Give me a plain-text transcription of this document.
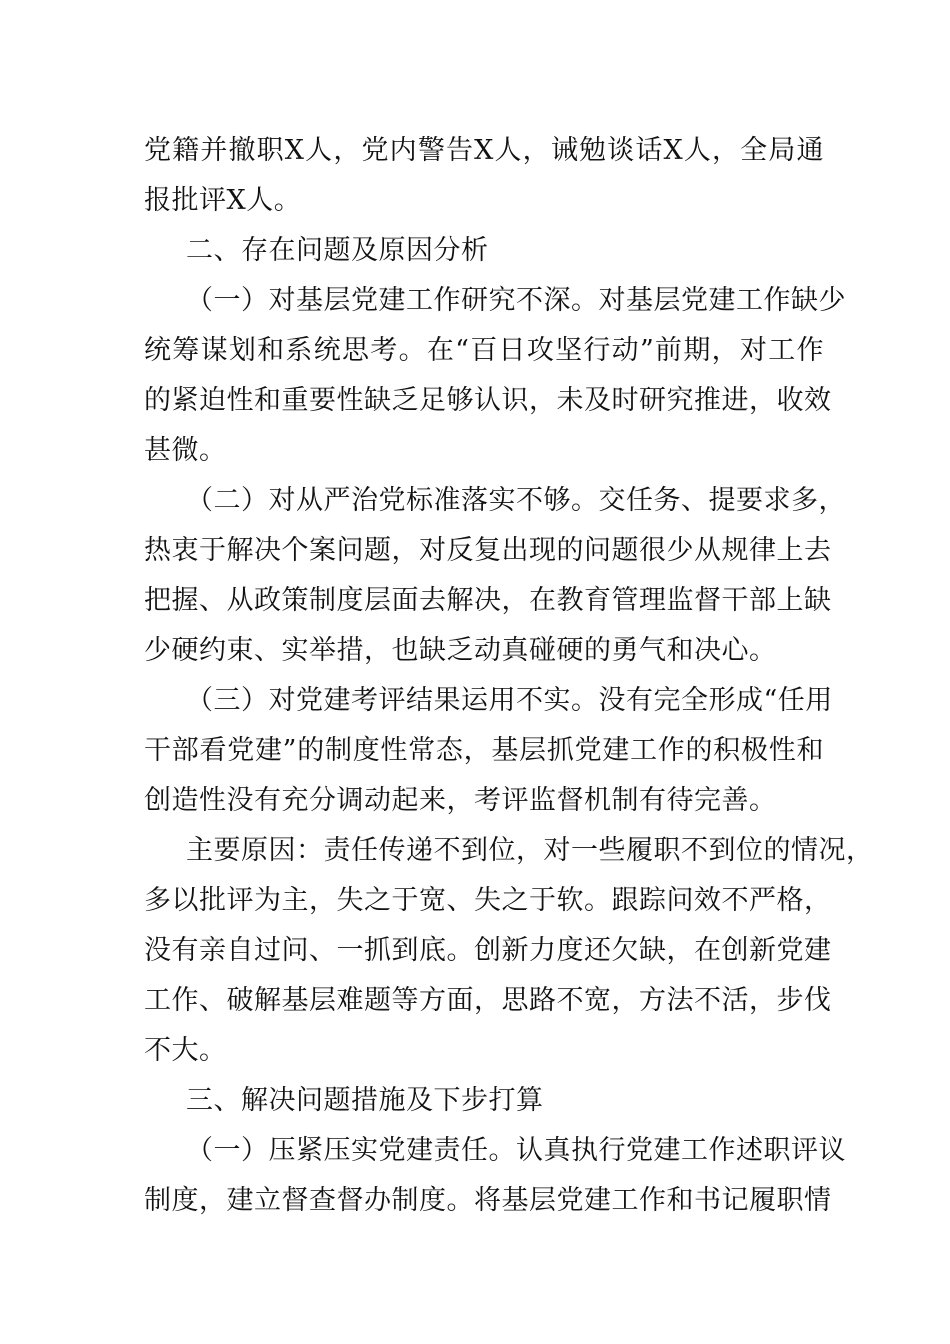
党籍并撤职X人，党内警告X人，诫勉谈话X人，全局通
报批评X人。
二、存在问题及原因分析
（一）对基层党建工作研究不深。对基层党建工作缺少
统筹谋划和系统思考。在“百日攻坚行动”前期，对工作
的紧迫性和重要性缺乏足够认识，未及时研究推进，收效
甚微。
（二）对从严治党标准落实不够。交任务、提要求多，
热衷于解决个案问题，对反复出现的问题很少从规律上去
把握、从政策制度层面去解决，在教育管理监督干部上缺
少硬约束、实举措，也缺乏动真碰硬的勇气和决心。
（三）对党建考评结果运用不实。没有完全形成“任用
干部看党建”的制度性常态，基层抓党建工作的积极性和
创造性没有充分调动起来，考评监督机制有待完善。
主要原因：责任传递不到位，对一些履职不到位的情况，
多以批评为主，失之于宽、失之于软。跟踪问效不严格，
没有亲自过问、一抓到底。创新力度还欠缺，在创新党建
工作、破解基层难题等方面，思路不宽，方法不活，步伐
不大。
三、解决问题措施及下步打算
（一）压紧压实党建责任。认真执行党建工作述职评议
制度，建立督查督办制度。将基层党建工作和书记履职情
